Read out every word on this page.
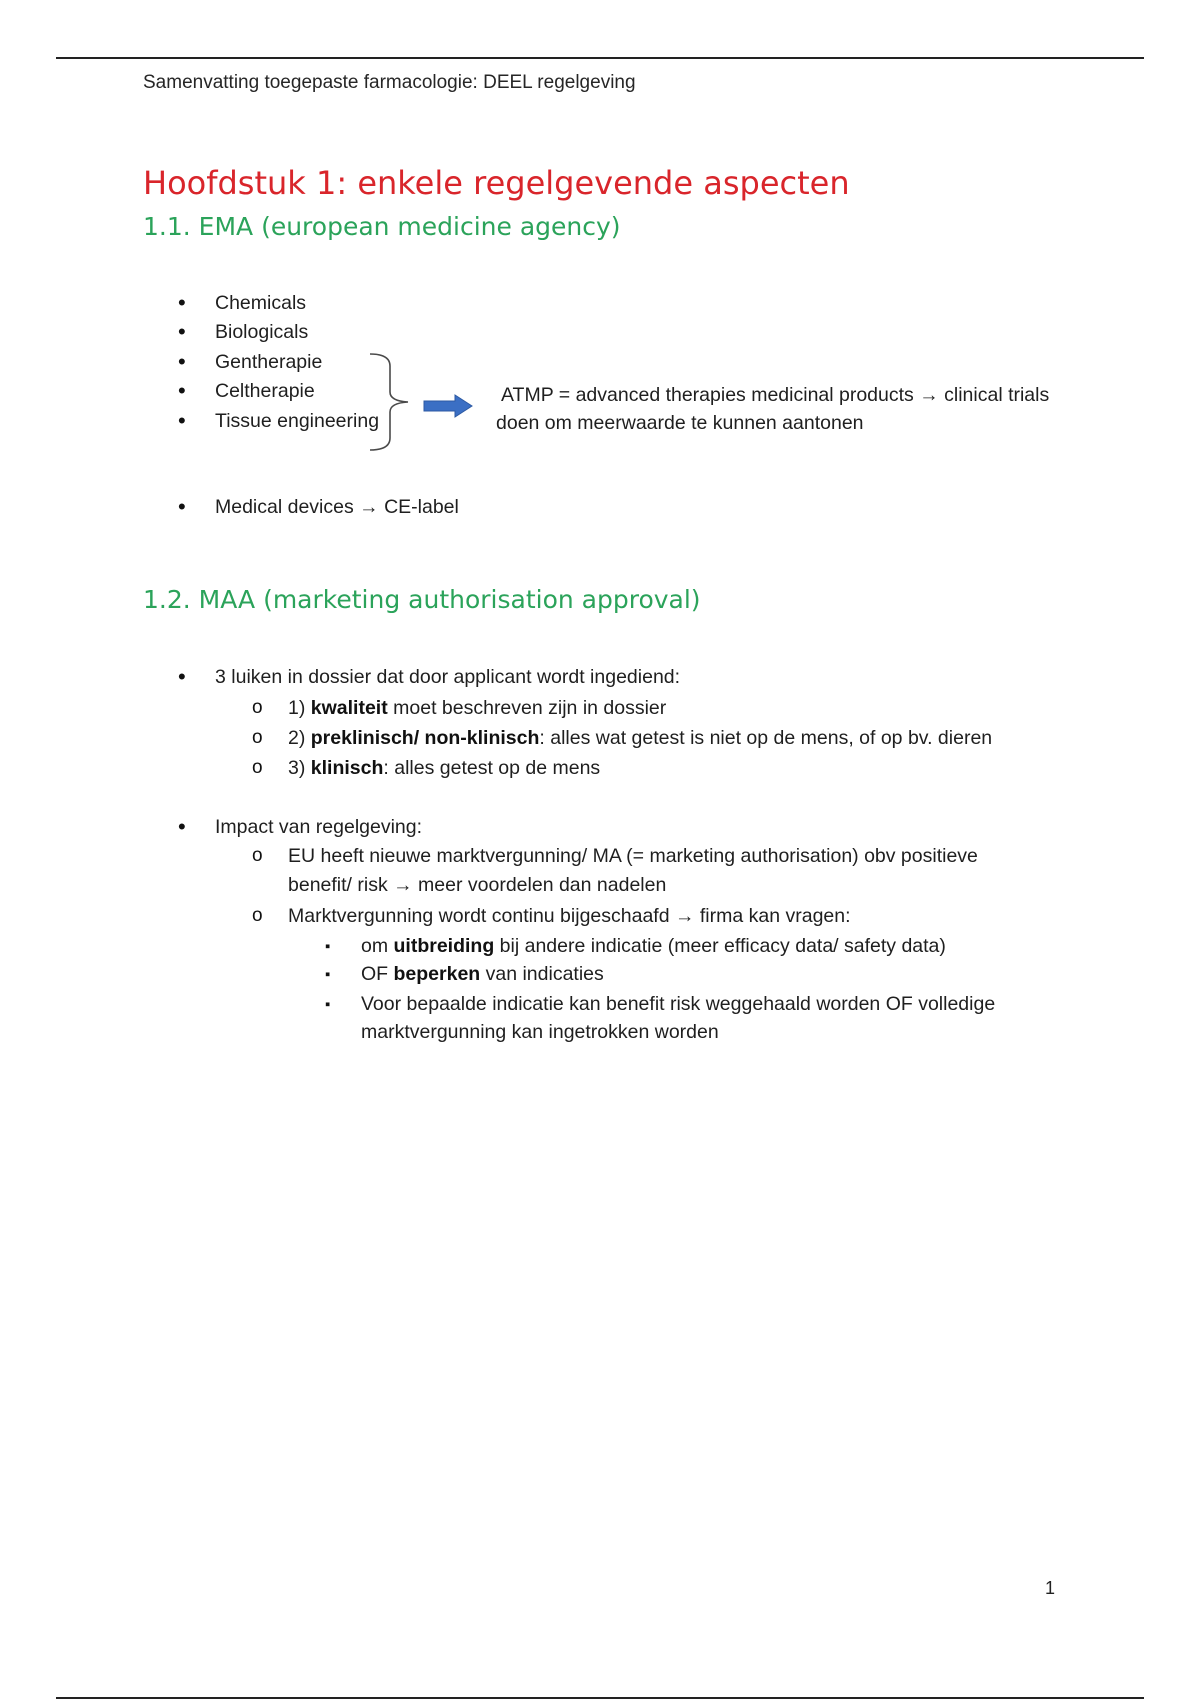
Samenvatting toegepaste farmacologie: DEEL regelgeving
Hoofdstuk 1: enkele regelgevende aspecten
1.1. EMA (european medicine agency)
•
Chemicals
•
Biologicals
•
Gentherapie
•
Celtherapie
•
Tissue engineering
ATMP = advanced therapies medicinal products → clinical trials
doen om meerwaarde te kunnen aantonen
•
Medical devices → CE-label
1.2. MAA (marketing authorisation approval)
•
3 luiken in dossier dat door applicant wordt ingediend:
o
1) kwaliteit moet beschreven zijn in dossier
o
2) preklinisch/ non-klinisch: alles wat getest is niet op de mens, of op bv. dieren
o
3) klinisch: alles getest op de mens
•
Impact van regelgeving:
o
EU heeft nieuwe marktvergunning/ MA (= marketing authorisation) obv positieve
benefit/ risk → meer voordelen dan nadelen
o
Marktvergunning wordt continu bijgeschaafd → firma kan vragen:
▪
om uitbreiding bij andere indicatie (meer efficacy data/ safety data)
▪
OF beperken van indicaties
▪
Voor bepaalde indicatie kan benefit risk weggehaald worden OF volledige
marktvergunning kan ingetrokken worden
1
